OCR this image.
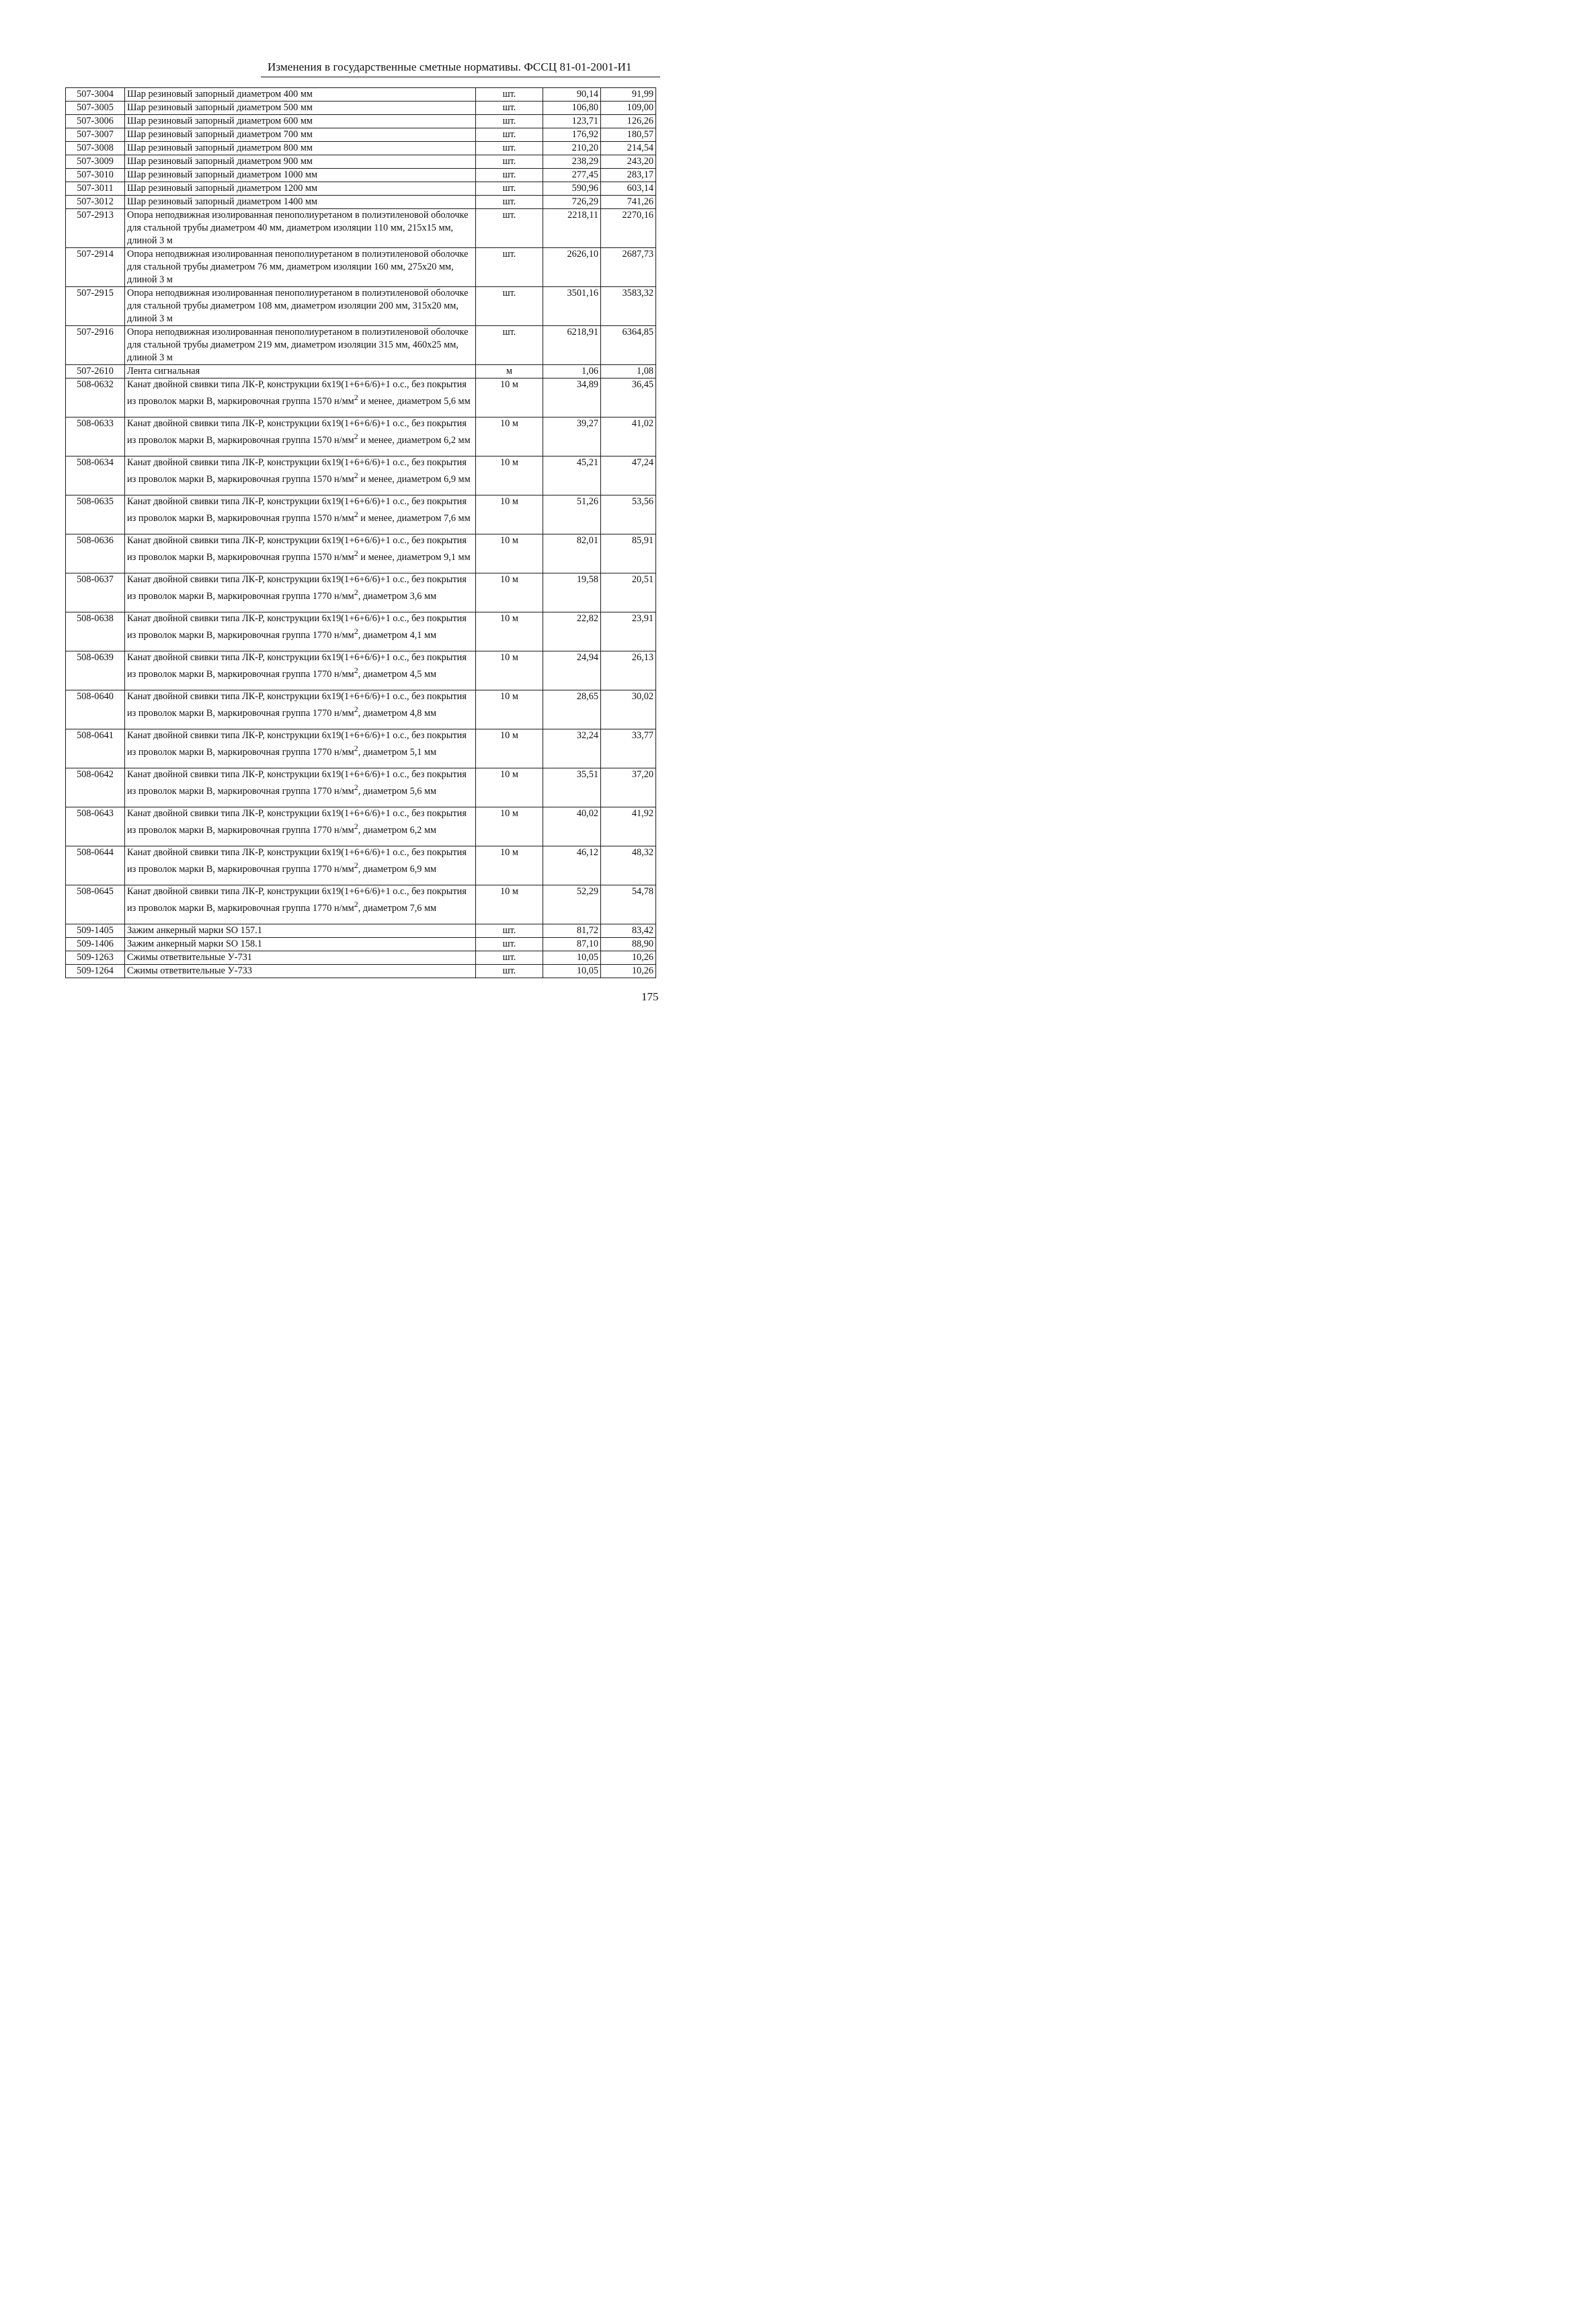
Изменения в государственные сметные нормативы. ФССЦ 81-01-2001-И1
507-3004	Шар резиновый запорный диаметром 400 мм	шт.	90,14	91,99
507-3005	Шар резиновый запорный диаметром 500 мм	шт.	106,80	109,00
507-3006	Шар резиновый запорный диаметром 600 мм	шт.	123,71	126,26
507-3007	Шар резиновый запорный диаметром 700 мм	шт.	176,92	180,57
507-3008	Шар резиновый запорный диаметром 800 мм	шт.	210,20	214,54
507-3009	Шар резиновый запорный диаметром 900 мм	шт.	238,29	243,20
507-3010	Шар резиновый запорный диаметром 1000 мм	шт.	277,45	283,17
507-3011	Шар резиновый запорный диаметром 1200 мм	шт.	590,96	603,14
507-3012	Шар резиновый запорный диаметром 1400 мм	шт.	726,29	741,26
507-2913	Опора неподвижная изолированная пенополиуретаном в полиэтиленовой оболочке для стальной трубы диаметром 40 мм, диаметром изоляции 110 мм, 215x15 мм, длиной 3 м	шт.	2218,11	2270,16
507-2914	Опора неподвижная изолированная пенополиуретаном в полиэтиленовой оболочке для стальной трубы диаметром 76 мм, диаметром изоляции 160 мм, 275x20 мм, длиной 3 м	шт.	2626,10	2687,73
507-2915	Опора неподвижная изолированная пенополиуретаном в полиэтиленовой оболочке для стальной трубы диаметром 108 мм, диаметром изоляции 200 мм, 315x20 мм, длиной 3 м	шт.	3501,16	3583,32
507-2916	Опора неподвижная изолированная пенополиуретаном в полиэтиленовой оболочке для стальной трубы диаметром 219 мм, диаметром изоляции 315 мм, 460x25 мм, длиной 3 м	шт.	6218,91	6364,85
507-2610	Лента сигнальная	м	1,06	1,08
508-0632	Канат двойной свивки типа ЛК-Р, конструкции 6x19(1+6+6/6)+1 о.с., без покрытия из проволок марки В, маркировочная группа 1570 $н/мм^2$ и менее, диаметром 5,6 мм	10 м	34,89	36,45
508-0633	Канат двойной свивки типа ЛК-Р, конструкции 6x19(1+6+6/6)+1 о.с., без покрытия из проволок марки В, маркировочная группа 1570 $н/мм^2$ и менее, диаметром 6,2 мм	10 м	39,27	41,02
508-0634	Канат двойной свивки типа ЛК-Р, конструкции 6x19(1+6+6/6)+1 о.с., без покрытия из проволок марки В, маркировочная группа 1570 $н/мм^2$ и менее, диаметром 6,9 мм	10 м	45,21	47,24
508-0635	Канат двойной свивки типа ЛК-Р, конструкции 6x19(1+6+6/6)+1 о.с., без покрытия из проволок марки В, маркировочная группа 1570 $н/мм^2$ и менее, диаметром 7,6 мм	10 м	51,26	53,56
508-0636	Канат двойной свивки типа ЛК-Р, конструкции 6x19(1+6+6/6)+1 о.с., без покрытия из проволок марки В, маркировочная группа 1570 $н/мм^2$ и менее, диаметром 9,1 мм	10 м	82,01	85,91
508-0637	Канат двойной свивки типа ЛК-Р, конструкции 6x19(1+6+6/6)+1 о.с., без покрытия из проволок марки В, маркировочная группа 1770 $н/мм^2$, диаметром 3,6 мм	10 м	19,58	20,51
508-0638	Канат двойной свивки типа ЛК-Р, конструкции 6x19(1+6+6/6)+1 о.с., без покрытия из проволок марки В, маркировочная группа 1770 $н/мм^2$, диаметром 4,1 мм	10 м	22,82	23,91
508-0639	Канат двойной свивки типа ЛК-Р, конструкции 6x19(1+6+6/6)+1 о.с., без покрытия из проволок марки В, маркировочная группа 1770 $н/мм^2$, диаметром 4,5 мм	10 м	24,94	26,13
508-0640	Канат двойной свивки типа ЛК-Р, конструкции 6x19(1+6+6/6)+1 о.с., без покрытия из проволок марки В, маркировочная группа 1770 $н/мм^2$, диаметром 4,8 мм	10 м	28,65	30,02
508-0641	Канат двойной свивки типа ЛК-Р, конструкции 6x19(1+6+6/6)+1 о.с., без покрытия из проволок марки В, маркировочная группа 1770 $н/мм^2$, диаметром 5,1 мм	10 м	32,24	33,77
508-0642	Канат двойной свивки типа ЛК-Р, конструкции 6x19(1+6+6/6)+1 о.с., без покрытия из проволок марки В, маркировочная группа 1770 $н/мм^2$, диаметром 5,6 мм	10 м	35,51	37,20
508-0643	Канат двойной свивки типа ЛК-Р, конструкции 6x19(1+6+6/6)+1 о.с., без покрытия из проволок марки В, маркировочная группа 1770 $н/мм^2$, диаметром 6,2 мм	10 м	40,02	41,92
508-0644	Канат двойной свивки типа ЛК-Р, конструкции 6x19(1+6+6/6)+1 о.с., без покрытия из проволок марки В, маркировочная группа 1770 $н/мм^2$, диаметром 6,9 мм	10 м	46,12	48,32
508-0645	Канат двойной свивки типа ЛК-Р, конструкции 6x19(1+6+6/6)+1 о.с., без покрытия из проволок марки В, маркировочная группа 1770 $н/мм^2$, диаметром 7,6 мм	10 м	52,29	54,78
509-1405	Зажим анкерный марки SO 157.1	шт.	81,72	83,42
509-1406	Зажим анкерный марки SO 158.1	шт.	87,10	88,90
509-1263	Сжимы ответвительные У-731	шт.	10,05	10,26
509-1264	Сжимы ответвительные У-733	шт.	10,05	10,26
175
